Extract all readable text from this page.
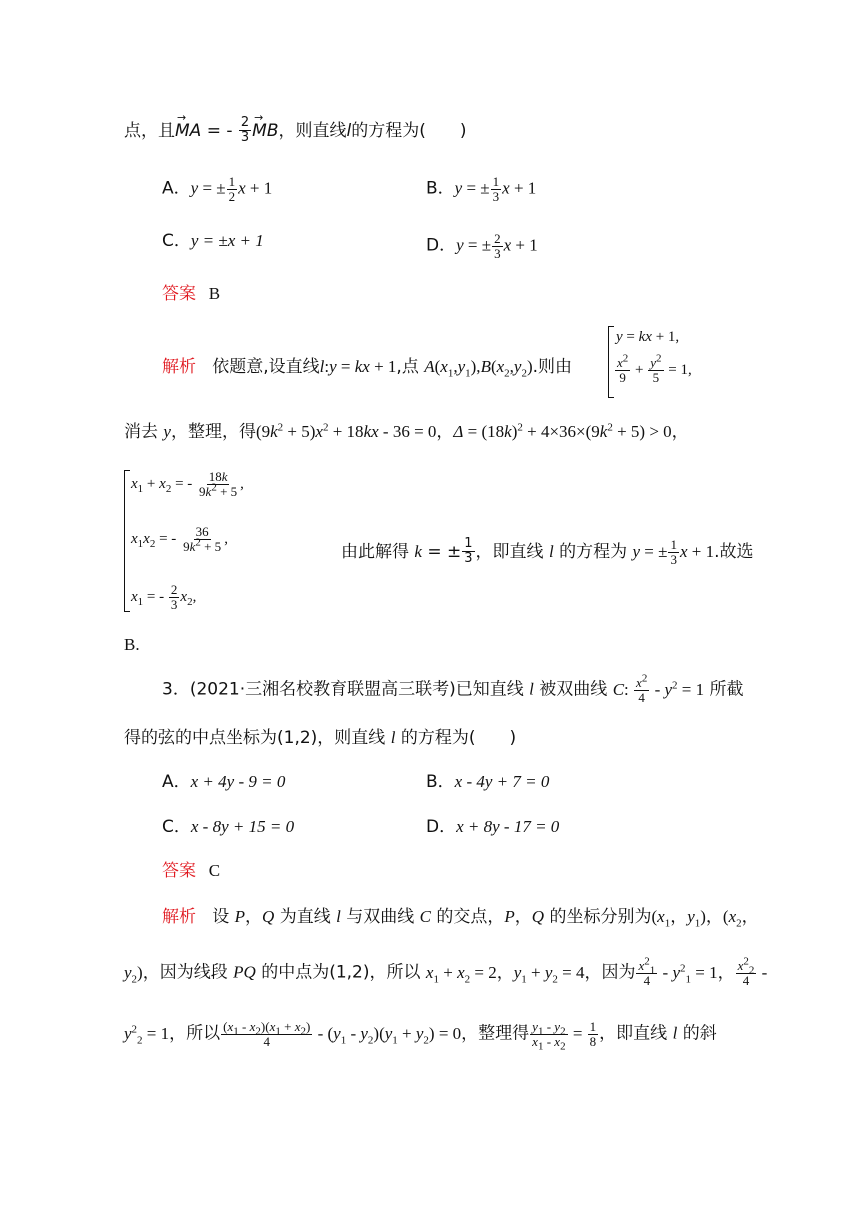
点，且→ MA = - $\frac{2}{3}$
→ MB，则直线l的方程为(　　)
A．y = ± $\frac{1}{2}$ x + 1	B．y = ± $\frac{1}{3}$ x + 1
C．y = ±x + 1	D．y = ± $\frac{2}{3}$ x + 1
答案 B
解析 依题意,设直线l:y = kx + 1,点 $A(x_1,y_1),B(x_2,y_2)$.则由
y = kx + 1,
$\frac{x^2}{9} + \frac{y^2}{5} = 1$,
消去 y，整理，得$(9k^2 + 5)x^2 + 18kx - 36 = 0$，$\Delta = (18k)^2 + 4\times 36\times(9k^2 + 5) > 0$，
$x_1 + x_2$ = - $\frac{18k}{9k^2 + 5}$ ,
$x_1x_2$ = - $\frac{36}{9k^2 + 5}$ ,
$x_1$ = - $\frac{2}{3} x_2$,
由此解得 k = ± $\frac{1}{3}$ ，即直线 l 的方程为 y = ± $\frac{1}{3}$ x + 1.故选
B.
3．(2021·三湘名校教育联盟高三联考)已知直线 l 被双曲线 C: $\frac{x^2}{4} - y^2 = 1$ 所截
得的弦的中点坐标为(1,2)，则直线 l 的方程为(　　)
A．x + 4y - 9 = 0	B．x - 4y + 7 = 0
C．x - 8y + 15 = 0	D．x + 8y - 17 = 0
答案 C
解析 设 P，Q 为直线 l 与双曲线 C 的交点，P，Q 的坐标分别为($x_1$，$y_1$)，($x_2$，
$y_2$)，因为线段 PQ 的中点为(1,2)，所以 $x_1 + x_2 = 2$，$y_1 + y_2 = 4$，因为 $\frac{x^2_1}{4} - y^2_1 = 1$， $\frac{x^2_2}{4}$ -
$y^2_2 = 1$，所以 $\frac{(x_1 - x_2)(x_1 + x_2)}{4} - (y_1 - y_2)(y_1 + y_2) = 0$，整理得 $\frac{y_1 - y_2}{x_1 - x_2} = \frac{1}{8}$ ，即直线 l 的斜
